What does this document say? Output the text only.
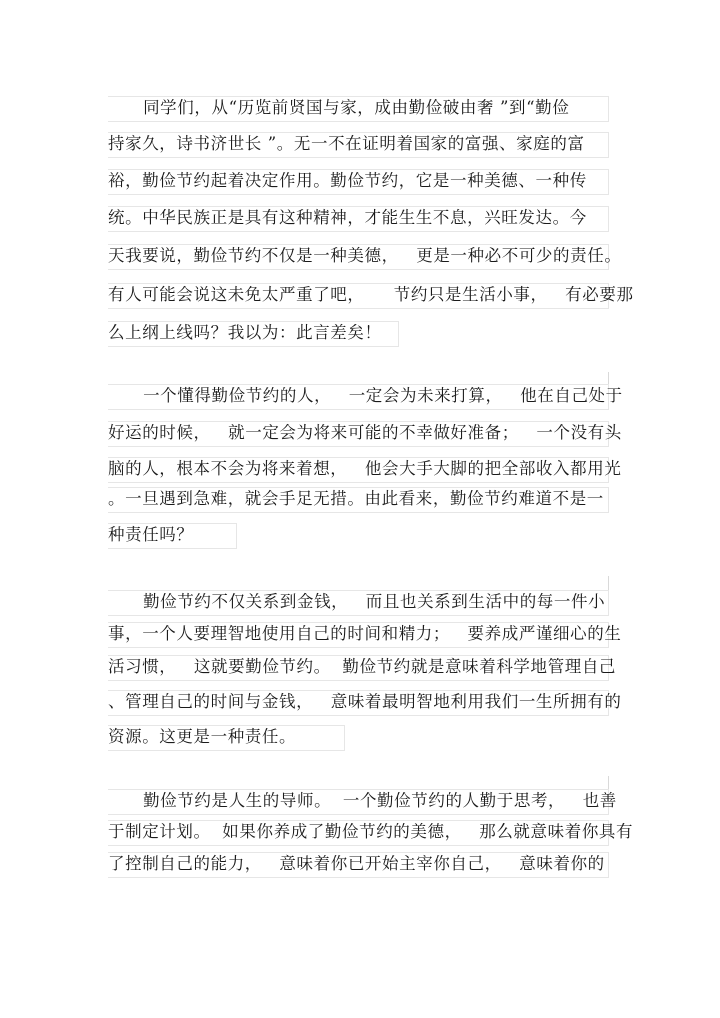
同学们，从“历览前贤国与家，成由勤俭破由奢 ”到“勤俭
持家久，诗书济世长 ”。无一不在证明着国家的富强、家庭的富
裕，勤俭节约起着决定作用。勤俭节约，它是一种美德、一种传
统。中华民族正是具有这种精神，才能生生不息，兴旺发达。今
天我要说，勤俭节约不仅是一种美德，   更是一种必不可少的责任。
有人可能会说这未免太严重了吧，     节约只是生活小事，   有必要那
么上纲上线吗？我以为：此言差矣！
一个懂得勤俭节约的人，   一定会为未来打算，   他在自己处于
好运的时候，   就一定会为将来可能的不幸做好准备；   一个没有头
脑的人，根本不会为将来着想，   他会大手大脚的把全部收入都用光
。一旦遇到急难，就会手足无措。由此看来，勤俭节约难道不是一
种责任吗？
勤俭节约不仅关系到金钱，   而且也关系到生活中的每一件小
事，一个人要理智地使用自己的时间和精力；   要养成严谨细心的生
活习惯，   这就要勤俭节约。  勤俭节约就是意味着科学地管理自己
、管理自己的时间与金钱，   意味着最明智地利用我们一生所拥有的
资源。这更是一种责任。
勤俭节约是人生的导师。  一个勤俭节约的人勤于思考，   也善
于制定计划。  如果你养成了勤俭节约的美德，   那么就意味着你具有
了控制自己的能力，   意味着你已开始主宰你自己，   意味着你的
